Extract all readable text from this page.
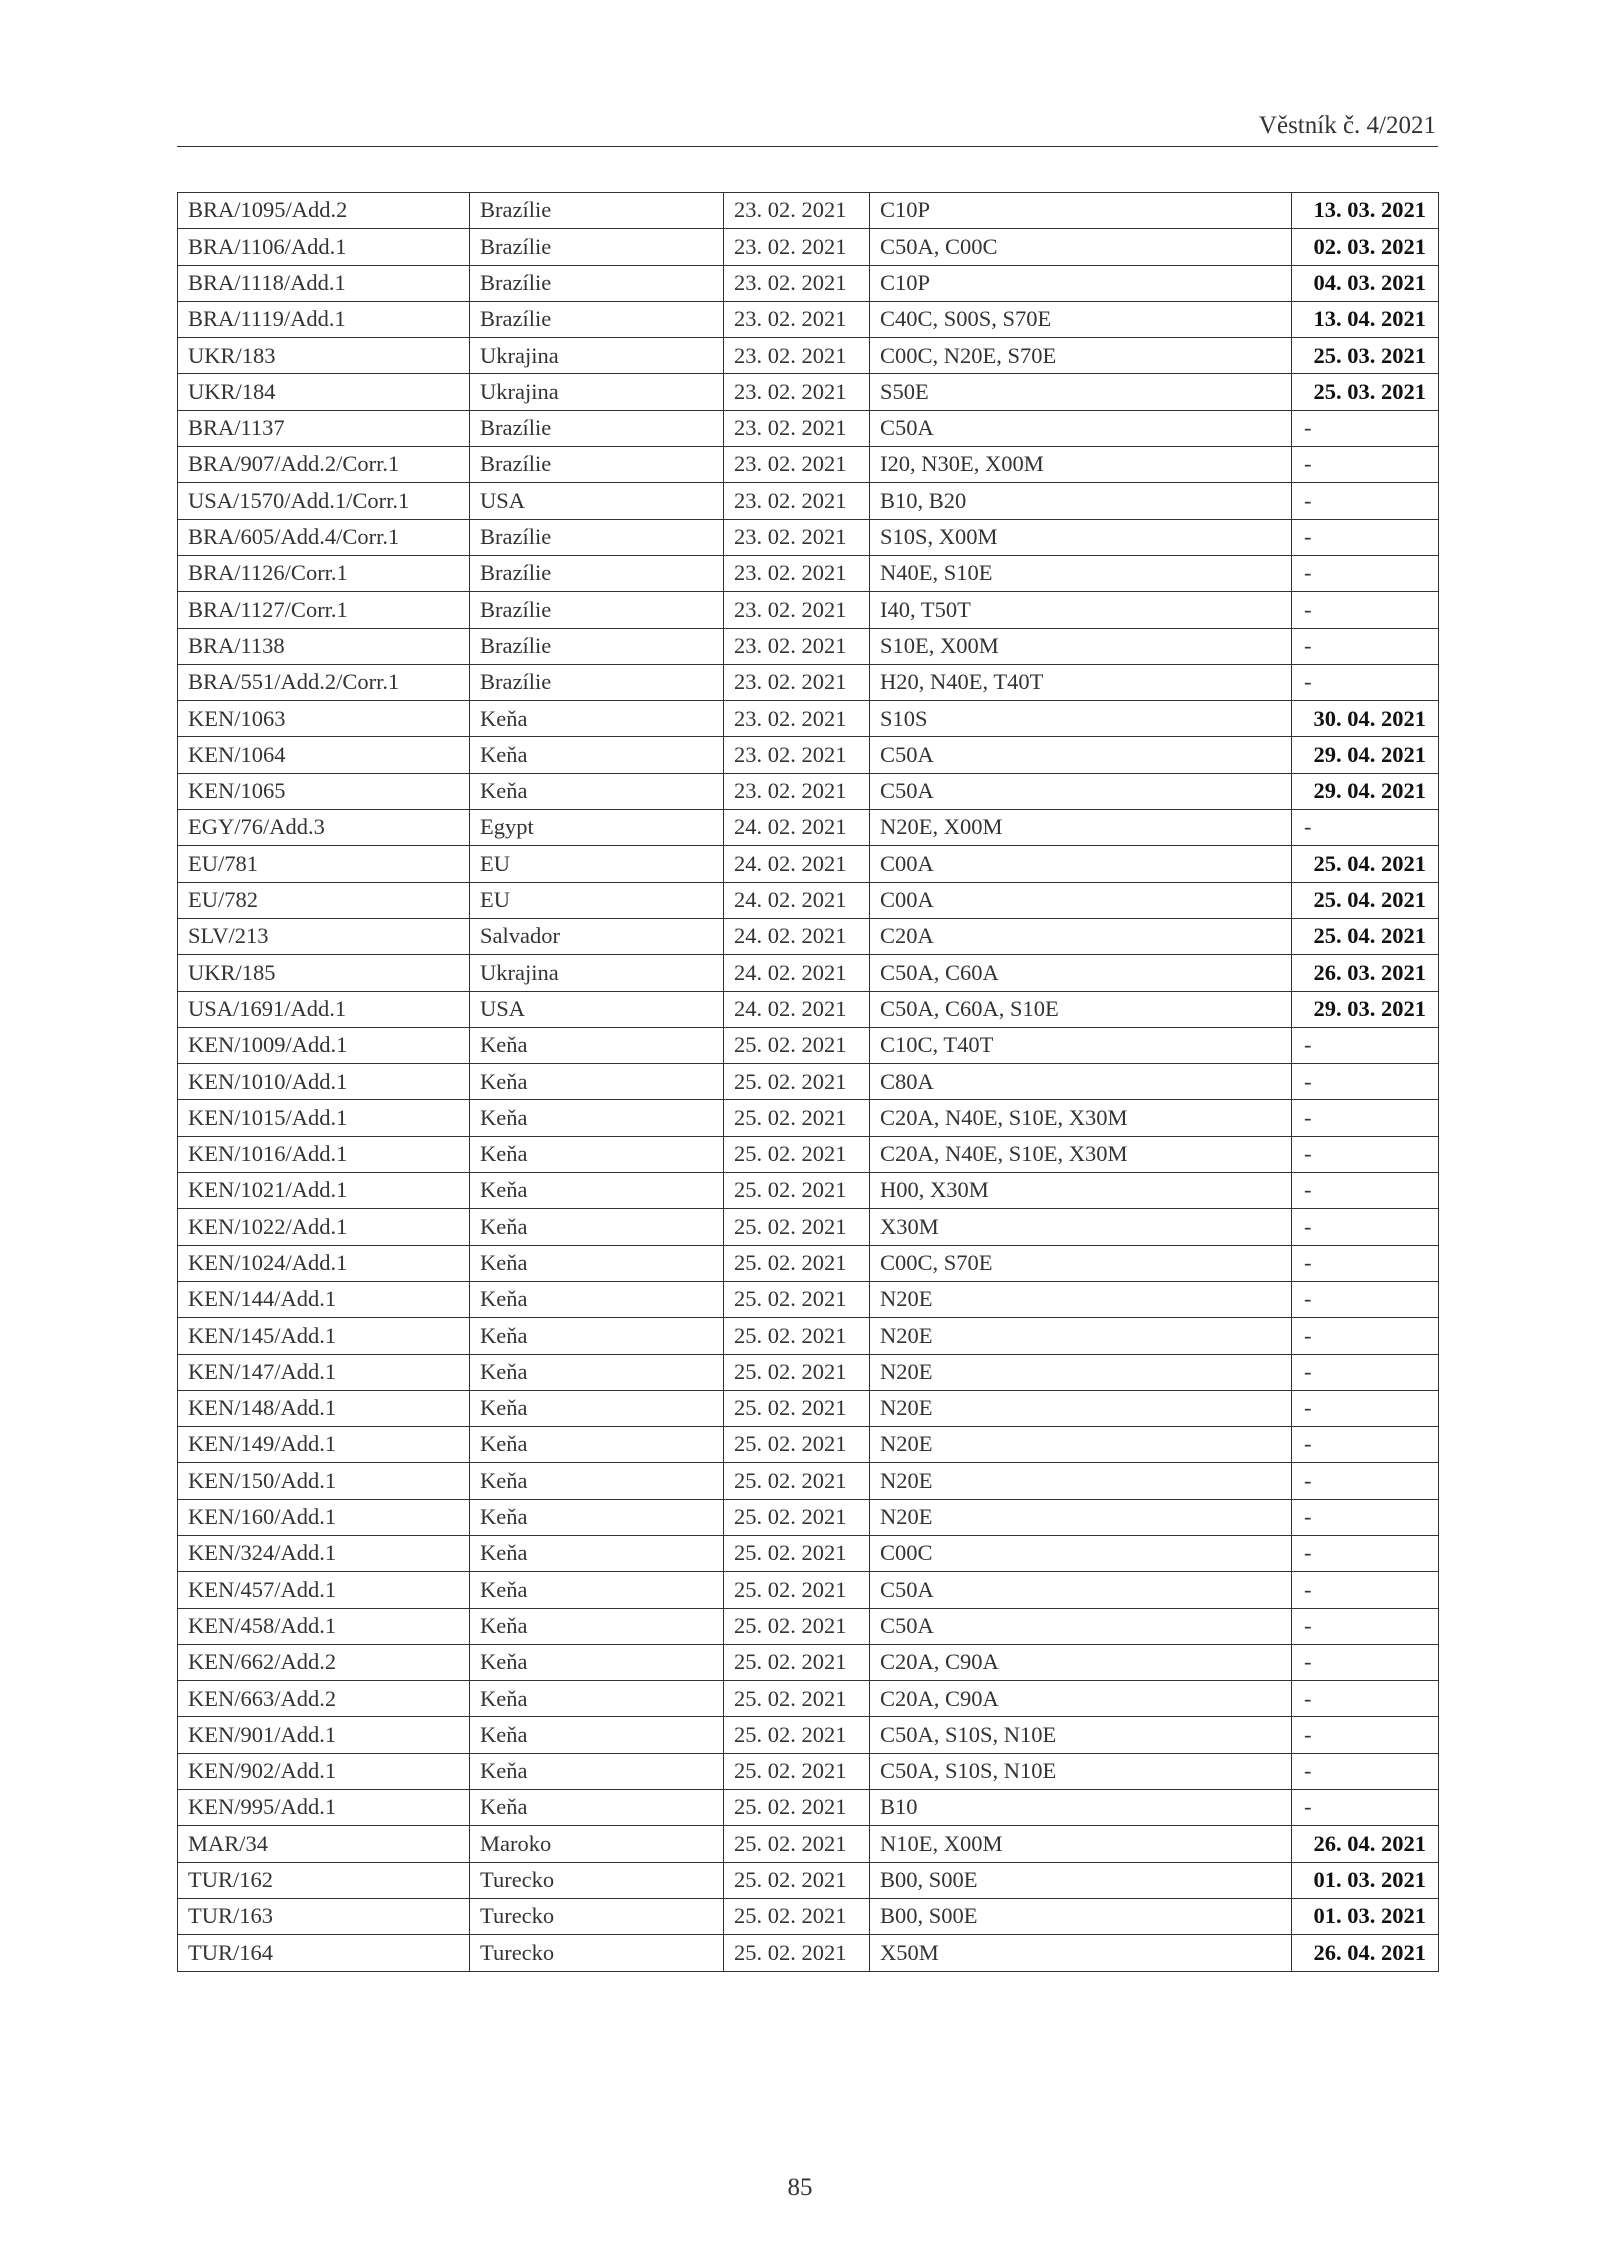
Věstník č. 4/2021
BRA/1095/Add.2	Brazílie	23. 02. 2021	C10P	13. 03. 2021
BRA/1106/Add.1	Brazílie	23. 02. 2021	C50A, C00C	02. 03. 2021
BRA/1118/Add.1	Brazílie	23. 02. 2021	C10P	04. 03. 2021
BRA/1119/Add.1	Brazílie	23. 02. 2021	C40C, S00S, S70E	13. 04. 2021
UKR/183	Ukrajina	23. 02. 2021	C00C, N20E, S70E	25. 03. 2021
UKR/184	Ukrajina	23. 02. 2021	S50E	25. 03. 2021
BRA/1137	Brazílie	23. 02. 2021	C50A	-
BRA/907/Add.2/Corr.1	Brazílie	23. 02. 2021	I20, N30E, X00M	-
USA/1570/Add.1/Corr.1	USA	23. 02. 2021	B10, B20	-
BRA/605/Add.4/Corr.1	Brazílie	23. 02. 2021	S10S, X00M	-
BRA/1126/Corr.1	Brazílie	23. 02. 2021	N40E, S10E	-
BRA/1127/Corr.1	Brazílie	23. 02. 2021	I40, T50T	-
BRA/1138	Brazílie	23. 02. 2021	S10E, X00M	-
BRA/551/Add.2/Corr.1	Brazílie	23. 02. 2021	H20, N40E, T40T	-
KEN/1063	Keňa	23. 02. 2021	S10S	30. 04. 2021
KEN/1064	Keňa	23. 02. 2021	C50A	29. 04. 2021
KEN/1065	Keňa	23. 02. 2021	C50A	29. 04. 2021
EGY/76/Add.3	Egypt	24. 02. 2021	N20E, X00M	-
EU/781	EU	24. 02. 2021	C00A	25. 04. 2021
EU/782	EU	24. 02. 2021	C00A	25. 04. 2021
SLV/213	Salvador	24. 02. 2021	C20A	25. 04. 2021
UKR/185	Ukrajina	24. 02. 2021	C50A, C60A	26. 03. 2021
USA/1691/Add.1	USA	24. 02. 2021	C50A, C60A, S10E	29. 03. 2021
KEN/1009/Add.1	Keňa	25. 02. 2021	C10C, T40T	-
KEN/1010/Add.1	Keňa	25. 02. 2021	C80A	-
KEN/1015/Add.1	Keňa	25. 02. 2021	C20A, N40E, S10E, X30M	-
KEN/1016/Add.1	Keňa	25. 02. 2021	C20A, N40E, S10E, X30M	-
KEN/1021/Add.1	Keňa	25. 02. 2021	H00, X30M	-
KEN/1022/Add.1	Keňa	25. 02. 2021	X30M	-
KEN/1024/Add.1	Keňa	25. 02. 2021	C00C, S70E	-
KEN/144/Add.1	Keňa	25. 02. 2021	N20E	-
KEN/145/Add.1	Keňa	25. 02. 2021	N20E	-
KEN/147/Add.1	Keňa	25. 02. 2021	N20E	-
KEN/148/Add.1	Keňa	25. 02. 2021	N20E	-
KEN/149/Add.1	Keňa	25. 02. 2021	N20E	-
KEN/150/Add.1	Keňa	25. 02. 2021	N20E	-
KEN/160/Add.1	Keňa	25. 02. 2021	N20E	-
KEN/324/Add.1	Keňa	25. 02. 2021	C00C	-
KEN/457/Add.1	Keňa	25. 02. 2021	C50A	-
KEN/458/Add.1	Keňa	25. 02. 2021	C50A	-
KEN/662/Add.2	Keňa	25. 02. 2021	C20A, C90A	-
KEN/663/Add.2	Keňa	25. 02. 2021	C20A, C90A	-
KEN/901/Add.1	Keňa	25. 02. 2021	C50A, S10S, N10E	-
KEN/902/Add.1	Keňa	25. 02. 2021	C50A, S10S, N10E	-
KEN/995/Add.1	Keňa	25. 02. 2021	B10	-
MAR/34	Maroko	25. 02. 2021	N10E, X00M	26. 04. 2021
TUR/162	Turecko	25. 02. 2021	B00, S00E	01. 03. 2021
TUR/163	Turecko	25. 02. 2021	B00, S00E	01. 03. 2021
TUR/164	Turecko	25. 02. 2021	X50M	26. 04. 2021
85
